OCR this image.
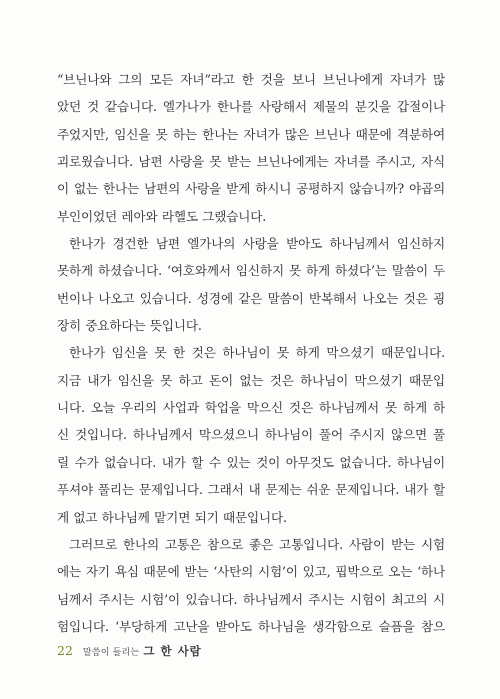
“브닌나와 그의 모든 자녀”라고 한 것을 보니 브닌나에게 자녀가 많
았던 것 같습니다. 엘가나가 한나를 사랑해서 제물의 분깃을 갑절이나
주었지만, 임신을 못 하는 한나는 자녀가 많은 브닌나 때문에 격분하여
괴로웠습니다. 남편 사랑을 못 받는 브닌나에게는 자녀를 주시고, 자식
이 없는 한나는 남편의 사랑을 받게 하시니 공평하지 않습니까? 야곱의
부인이었던 레아와 라헬도 그랬습니다.
한나가 경건한 남편 엘가나의 사랑을 받아도 하나님께서 임신하지
못하게 하셨습니다. ‘여호와께서 임신하지 못 하게 하셨다’는 말씀이 두
번이나 나오고 있습니다. 성경에 같은 말씀이 반복해서 나오는 것은 굉
장히 중요하다는 뜻입니다.
한나가 임신을 못 한 것은 하나님이 못 하게 막으셨기 때문입니다.
지금 내가 임신을 못 하고 돈이 없는 것은 하나님이 막으셨기 때문입
니다. 오늘 우리의 사업과 학업을 막으신 것은 하나님께서 못 하게 하
신 것입니다. 하나님께서 막으셨으니 하나님이 풀어 주시지 않으면 풀
릴 수가 없습니다. 내가 할 수 있는 것이 아무것도 없습니다. 하나님이
푸셔야 풀리는 문제입니다. 그래서 내 문제는 쉬운 문제입니다. 내가 할
게 없고 하나님께 맡기면 되기 때문입니다.
그러므로 한나의 고통은 참으로 좋은 고통입니다. 사람이 받는 시험
에는 자기 욕심 때문에 받는 ‘사탄의 시험’이 있고, 핍박으로 오는 ‘하나
님께서 주시는 시험’이 있습니다. 하나님께서 주시는 시험이 최고의 시
험입니다. ‘부당하게 고난을 받아도 하나님을 생각함으로 슬픔을 참으
22 말씀이 들리는 그 한 사람
